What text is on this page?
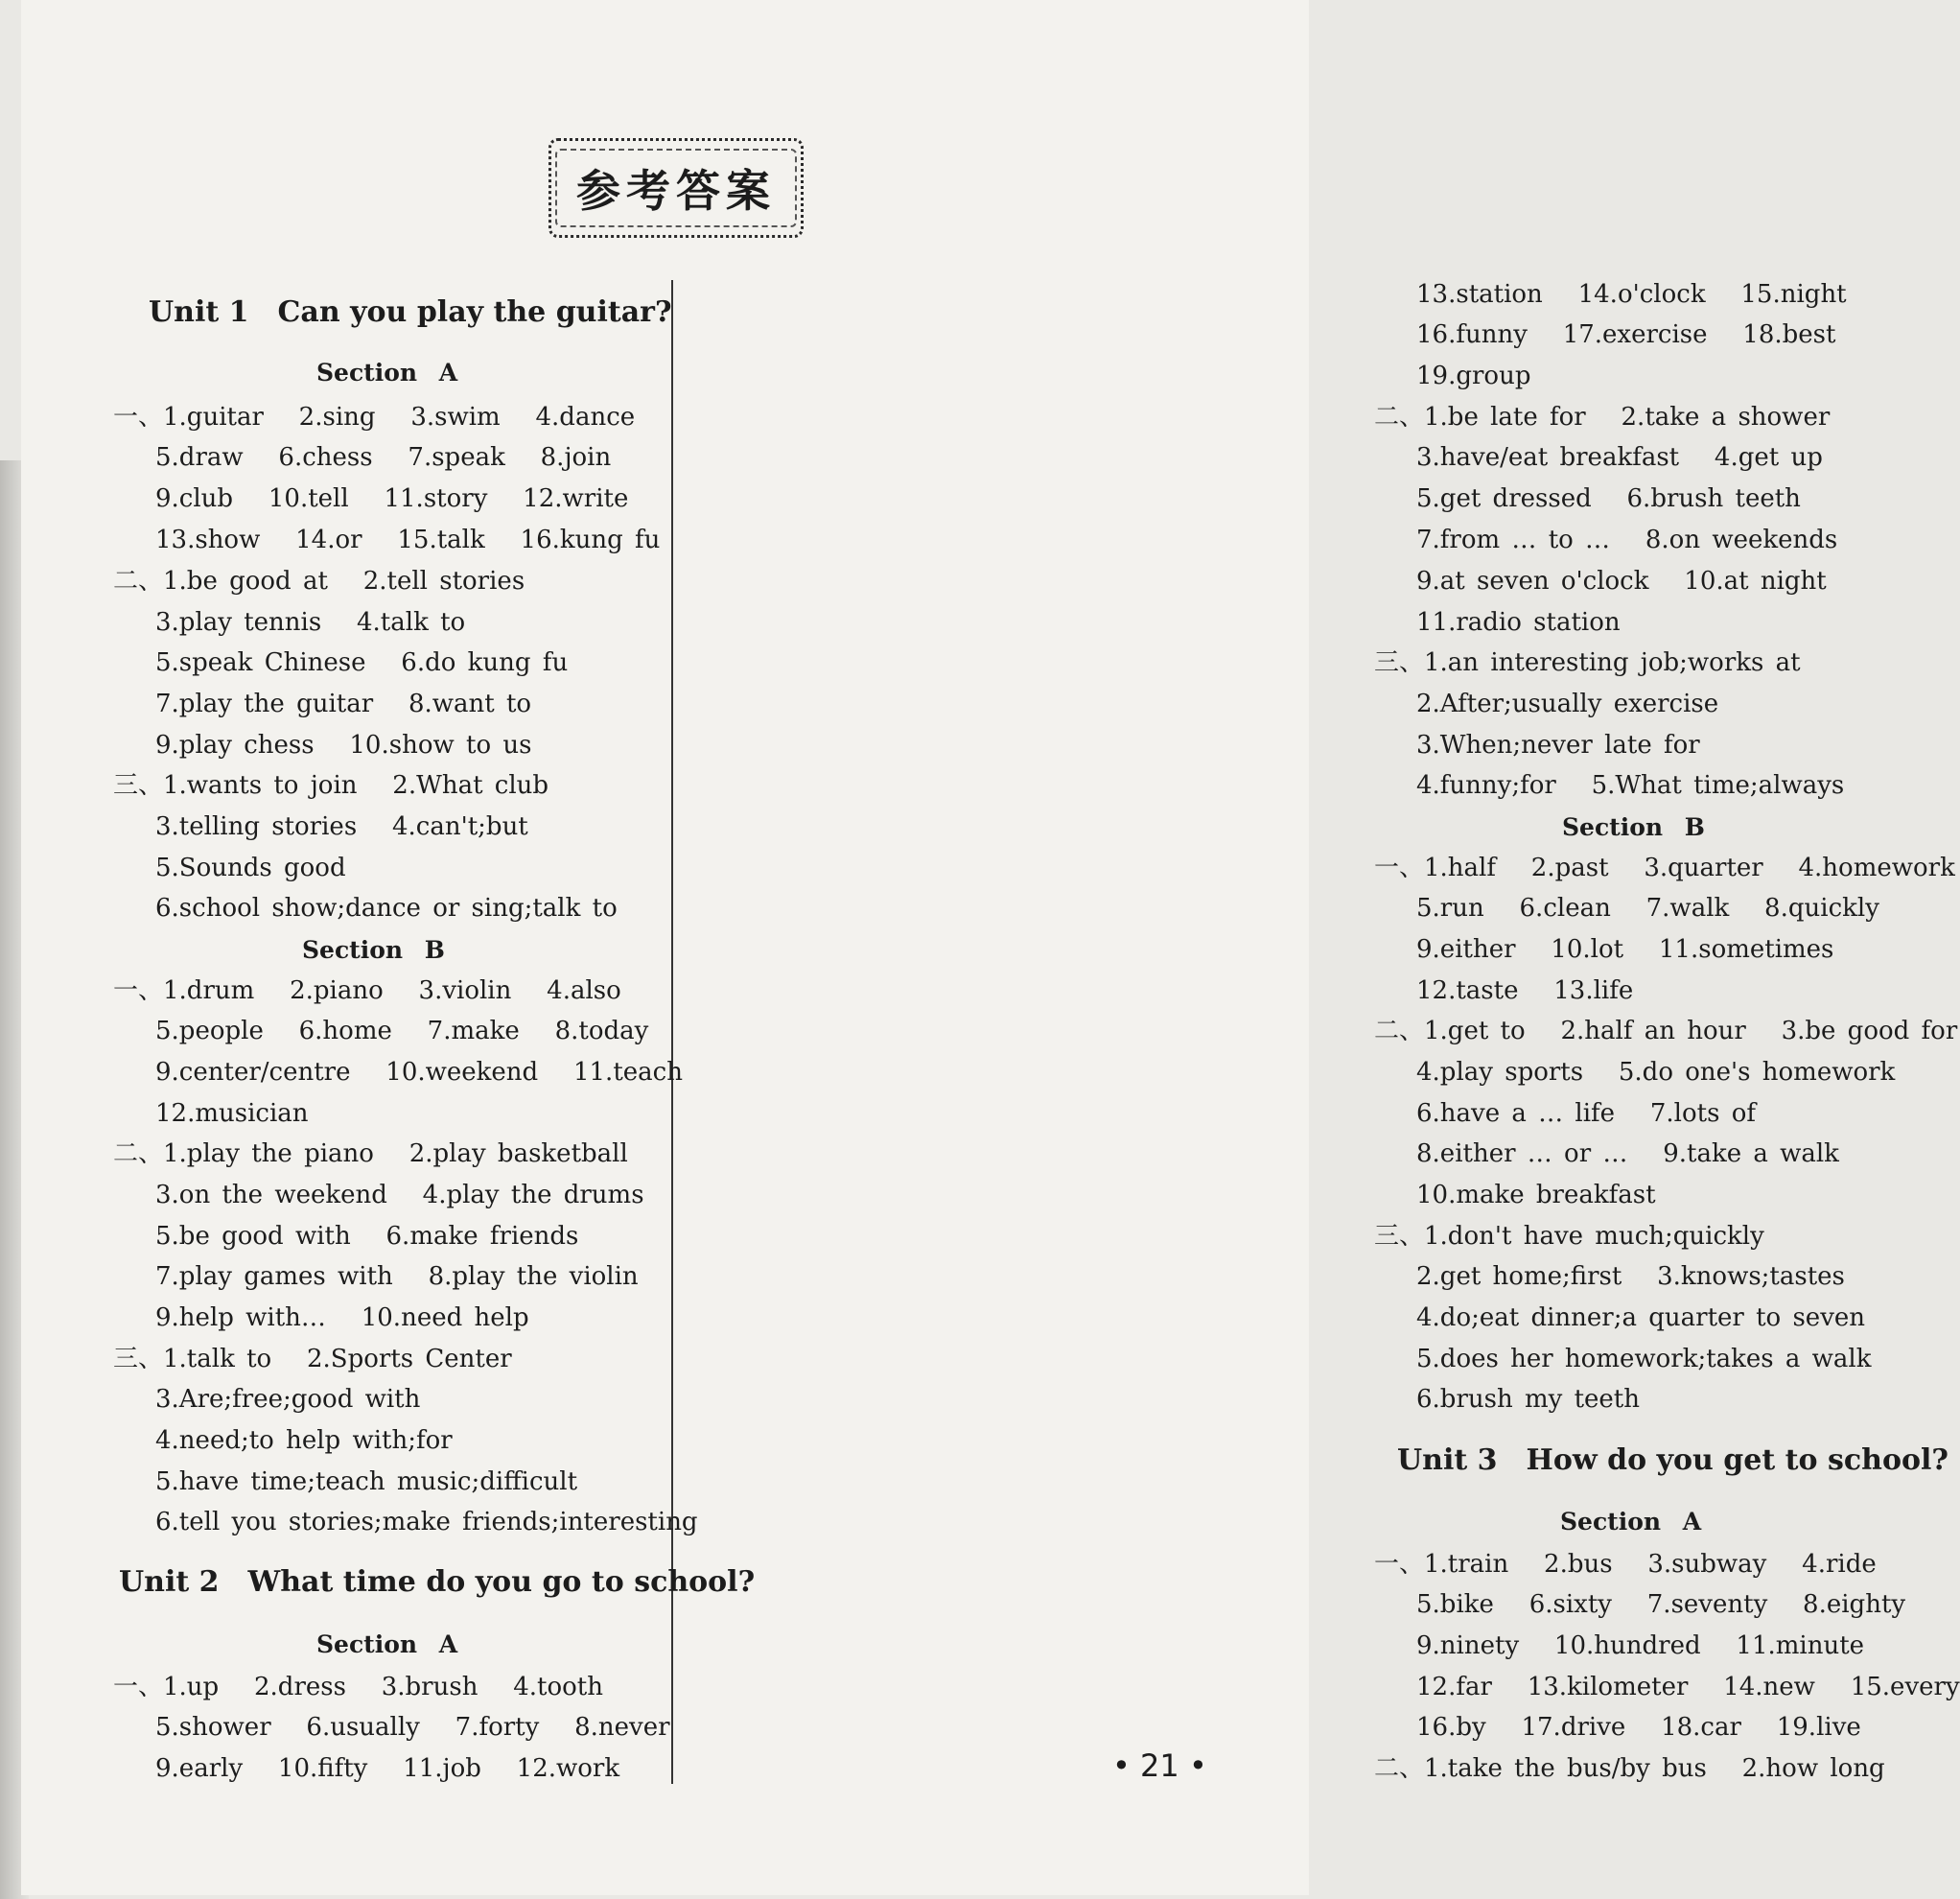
参考答案
Unit 1 Can you play the guitar?
Section A
一、1.guitar   2.sing   3.swim   4.dance
5.draw   6.chess   7.speak   8.join
9.club   10.tell   11.story   12.write
13.show   14.or   15.talk   16.kung fu
二、1.be good at   2.tell stories
3.play tennis   4.talk to
5.speak Chinese   6.do kung fu
7.play the guitar   8.want to
9.play chess   10.show to us
三、1.wants to join   2.What club
3.telling stories   4.can't;but
5.Sounds good
6.school show;dance or sing;talk to
Section B
一、1.drum   2.piano   3.violin   4.also
5.people   6.home   7.make   8.today
9.center/centre   10.weekend   11.teach
12.musician
二、1.play the piano   2.play basketball
3.on the weekend   4.play the drums
5.be good with   6.make friends
7.play games with   8.play the violin
9.help with…   10.need help
三、1.talk to   2.Sports Center
3.Are;free;good with
4.need;to help with;for
5.have time;teach music;difficult
6.tell you stories;make friends;interesting
Unit 2 What time do you go to school?
Section A
一、1.up   2.dress   3.brush   4.tooth
5.shower   6.usually   7.forty   8.never
9.early   10.fifty   11.job   12.work
13.station   14.o'clock   15.night
16.funny   17.exercise   18.best
19.group
二、1.be late for   2.take a shower
3.have/eat breakfast   4.get up
5.get dressed   6.brush teeth
7.from … to …   8.on weekends
9.at seven o'clock   10.at night
11.radio station
三、1.an interesting job;works at
2.After;usually exercise
3.When;never late for
4.funny;for   5.What time;always
Section B
一、1.half   2.past   3.quarter   4.homework
5.run   6.clean   7.walk   8.quickly
9.either   10.lot   11.sometimes
12.taste   13.life
二、1.get to   2.half an hour   3.be good for
4.play sports   5.do one's homework
6.have a … life   7.lots of
8.either … or …   9.take a walk
10.make breakfast
三、1.don't have much;quickly
2.get home;first   3.knows;tastes
4.do;eat dinner;a quarter to seven
5.does her homework;takes a walk
6.brush my teeth
Unit 3 How do you get to school?
Section A
一、1.train   2.bus   3.subway   4.ride
5.bike   6.sixty   7.seventy   8.eighty
9.ninety   10.hundred   11.minute
12.far   13.kilometer   14.new   15.every
16.by   17.drive   18.car   19.live
二、1.take the bus/by bus   2.how long
• 21 •
